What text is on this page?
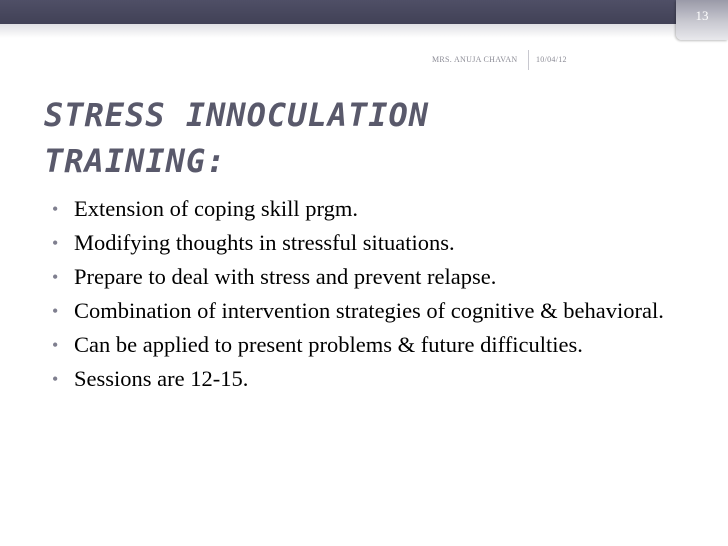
13
MRS. ANUJA CHAVAN 10/04/12
STRESS INNOCULATION
TRAINING:
• Extension of coping skill prgm.
• Modifying thoughts in stressful situations.
• Prepare to deal with stress and prevent relapse.
• Combination of intervention strategies of cognitive & behavioral.
• Can be applied to present problems & future difficulties.
• Sessions are 12-15.
